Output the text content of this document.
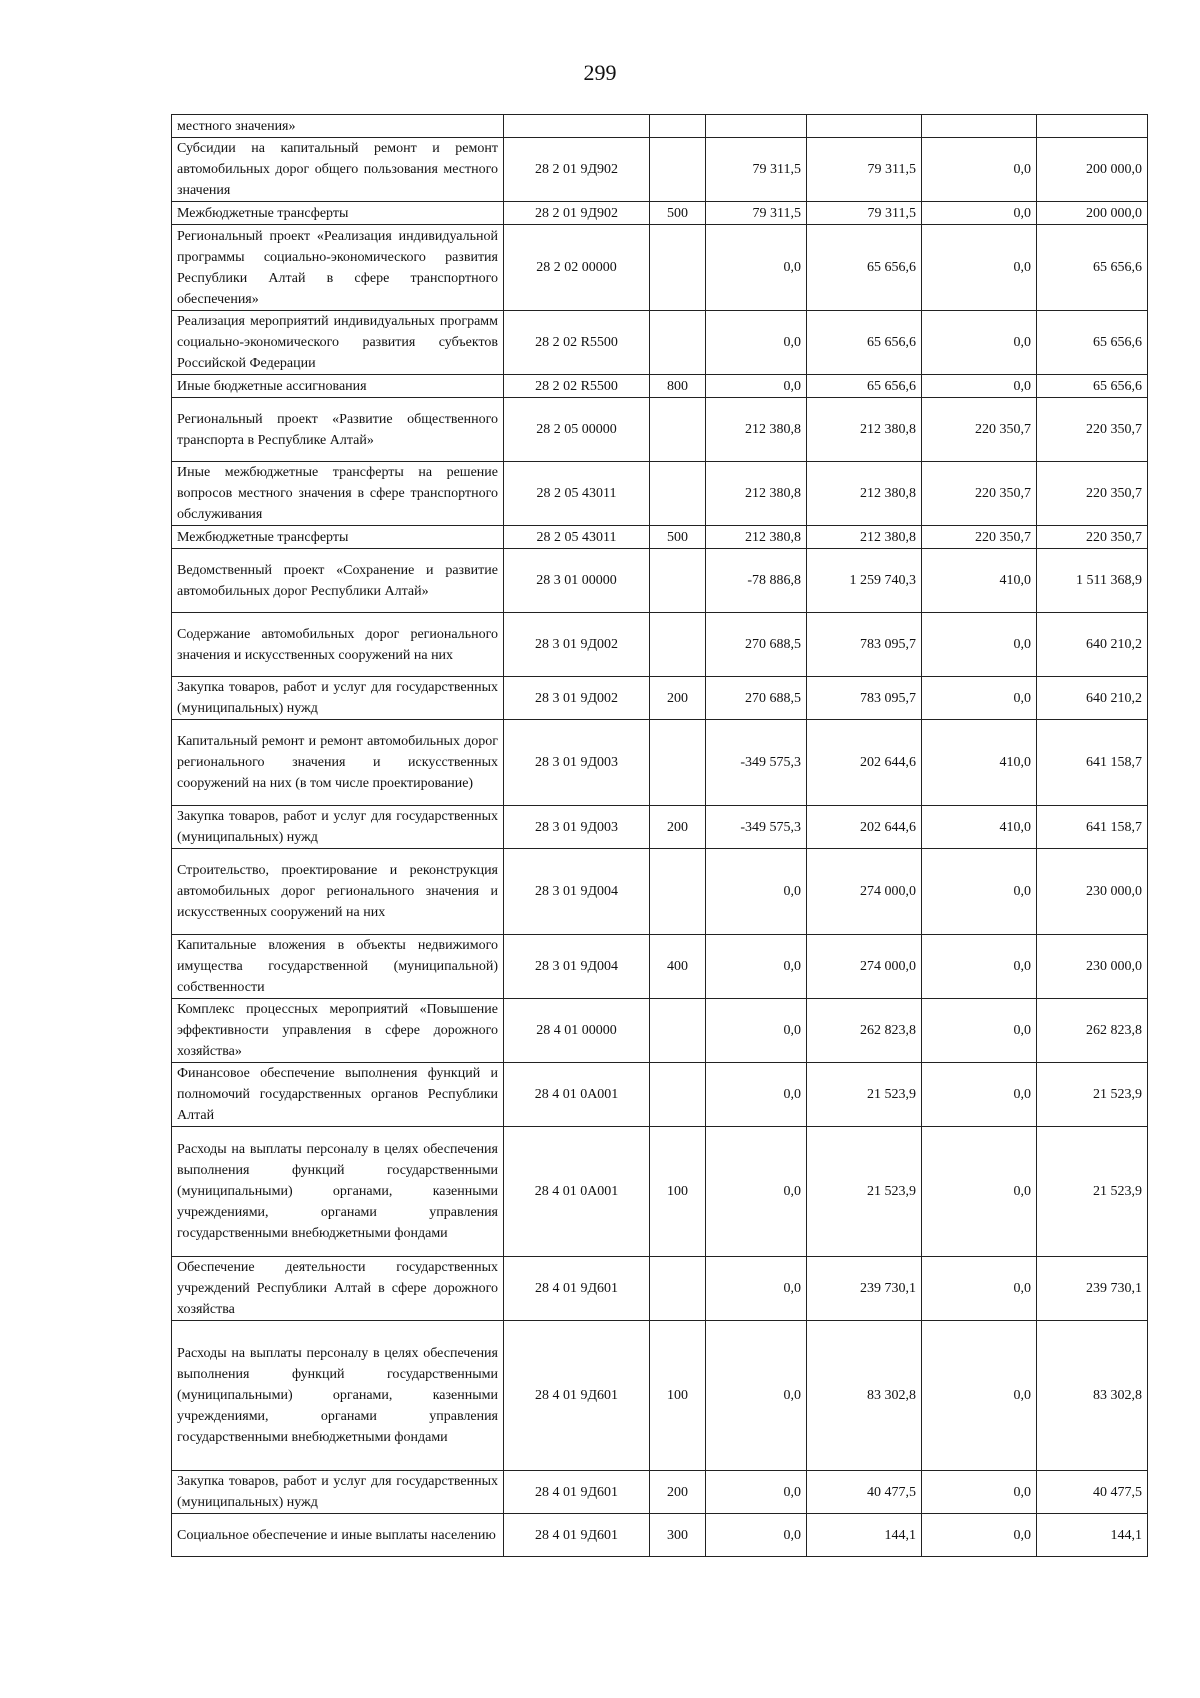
299
местного значения»						
Субсидии на капитальный ремонт и ремонт автомобильных дорог общего пользования местного значения	28 2 01 9Д902		79 311,5	79 311,5	0,0	200 000,0
Межбюджетные трансферты	28 2 01 9Д902	500	79 311,5	79 311,5	0,0	200 000,0
Региональный проект «Реализация индивидуальной программы социально-экономического развития Республики Алтай в сфере транспортного обеспечения»	28 2 02 00000		0,0	65 656,6	0,0	65 656,6
Реализация мероприятий индивидуальных программ социально-экономического развития субъектов Российской Федерации	28 2 02 R5500		0,0	65 656,6	0,0	65 656,6
Иные бюджетные ассигнования	28 2 02 R5500	800	0,0	65 656,6	0,0	65 656,6
Региональный проект «Развитие общественного транспорта в Республике Алтай»	28 2 05 00000		212 380,8	212 380,8	220 350,7	220 350,7
Иные межбюджетные трансферты на решение вопросов местного значения в сфере транспортного обслуживания	28 2 05 43011		212 380,8	212 380,8	220 350,7	220 350,7
Межбюджетные трансферты	28 2 05 43011	500	212 380,8	212 380,8	220 350,7	220 350,7
Ведомственный проект «Сохранение и развитие автомобильных дорог Республики Алтай»	28 3 01 00000		-78 886,8	1 259 740,3	410,0	1 511 368,9
Содержание автомобильных дорог регионального значения и искусственных сооружений на них	28 3 01 9Д002		270 688,5	783 095,7	0,0	640 210,2
Закупка товаров, работ и услуг для государственных (муниципальных) нужд	28 3 01 9Д002	200	270 688,5	783 095,7	0,0	640 210,2
Капитальный ремонт и ремонт автомобильных дорог регионального значения и искусственных сооружений на них (в том числе проектирование)	28 3 01 9Д003		-349 575,3	202 644,6	410,0	641 158,7
Закупка товаров, работ и услуг для государственных (муниципальных) нужд	28 3 01 9Д003	200	-349 575,3	202 644,6	410,0	641 158,7
Строительство, проектирование и реконструкция автомобильных дорог регионального значения и искусственных сооружений на них	28 3 01 9Д004		0,0	274 000,0	0,0	230 000,0
Капитальные вложения в объекты недвижимого имущества государственной (муниципальной) собственности	28 3 01 9Д004	400	0,0	274 000,0	0,0	230 000,0
Комплекс процессных мероприятий «Повышение эффективности управления в сфере дорожного хозяйства»	28 4 01 00000		0,0	262 823,8	0,0	262 823,8
Финансовое обеспечение выполнения функций и полномочий государственных органов Республики Алтай	28 4 01 0А001		0,0	21 523,9	0,0	21 523,9
Расходы на выплаты персоналу в целях обеспечения выполнения функций государственными (муниципальными) органами, казенными учреждениями, органами управления государственными внебюджетными фондами	28 4 01 0А001	100	0,0	21 523,9	0,0	21 523,9
Обеспечение деятельности государственных учреждений Республики Алтай в сфере дорожного хозяйства	28 4 01 9Д601		0,0	239 730,1	0,0	239 730,1
Расходы на выплаты персоналу в целях обеспечения выполнения функций государственными (муниципальными) органами, казенными учреждениями, органами управления государственными внебюджетными фондами	28 4 01 9Д601	100	0,0	83 302,8	0,0	83 302,8
Закупка товаров, работ и услуг для государственных (муниципальных) нужд	28 4 01 9Д601	200	0,0	40 477,5	0,0	40 477,5
Социальное обеспечение и иные выплаты населению	28 4 01 9Д601	300	0,0	144,1	0,0	144,1
